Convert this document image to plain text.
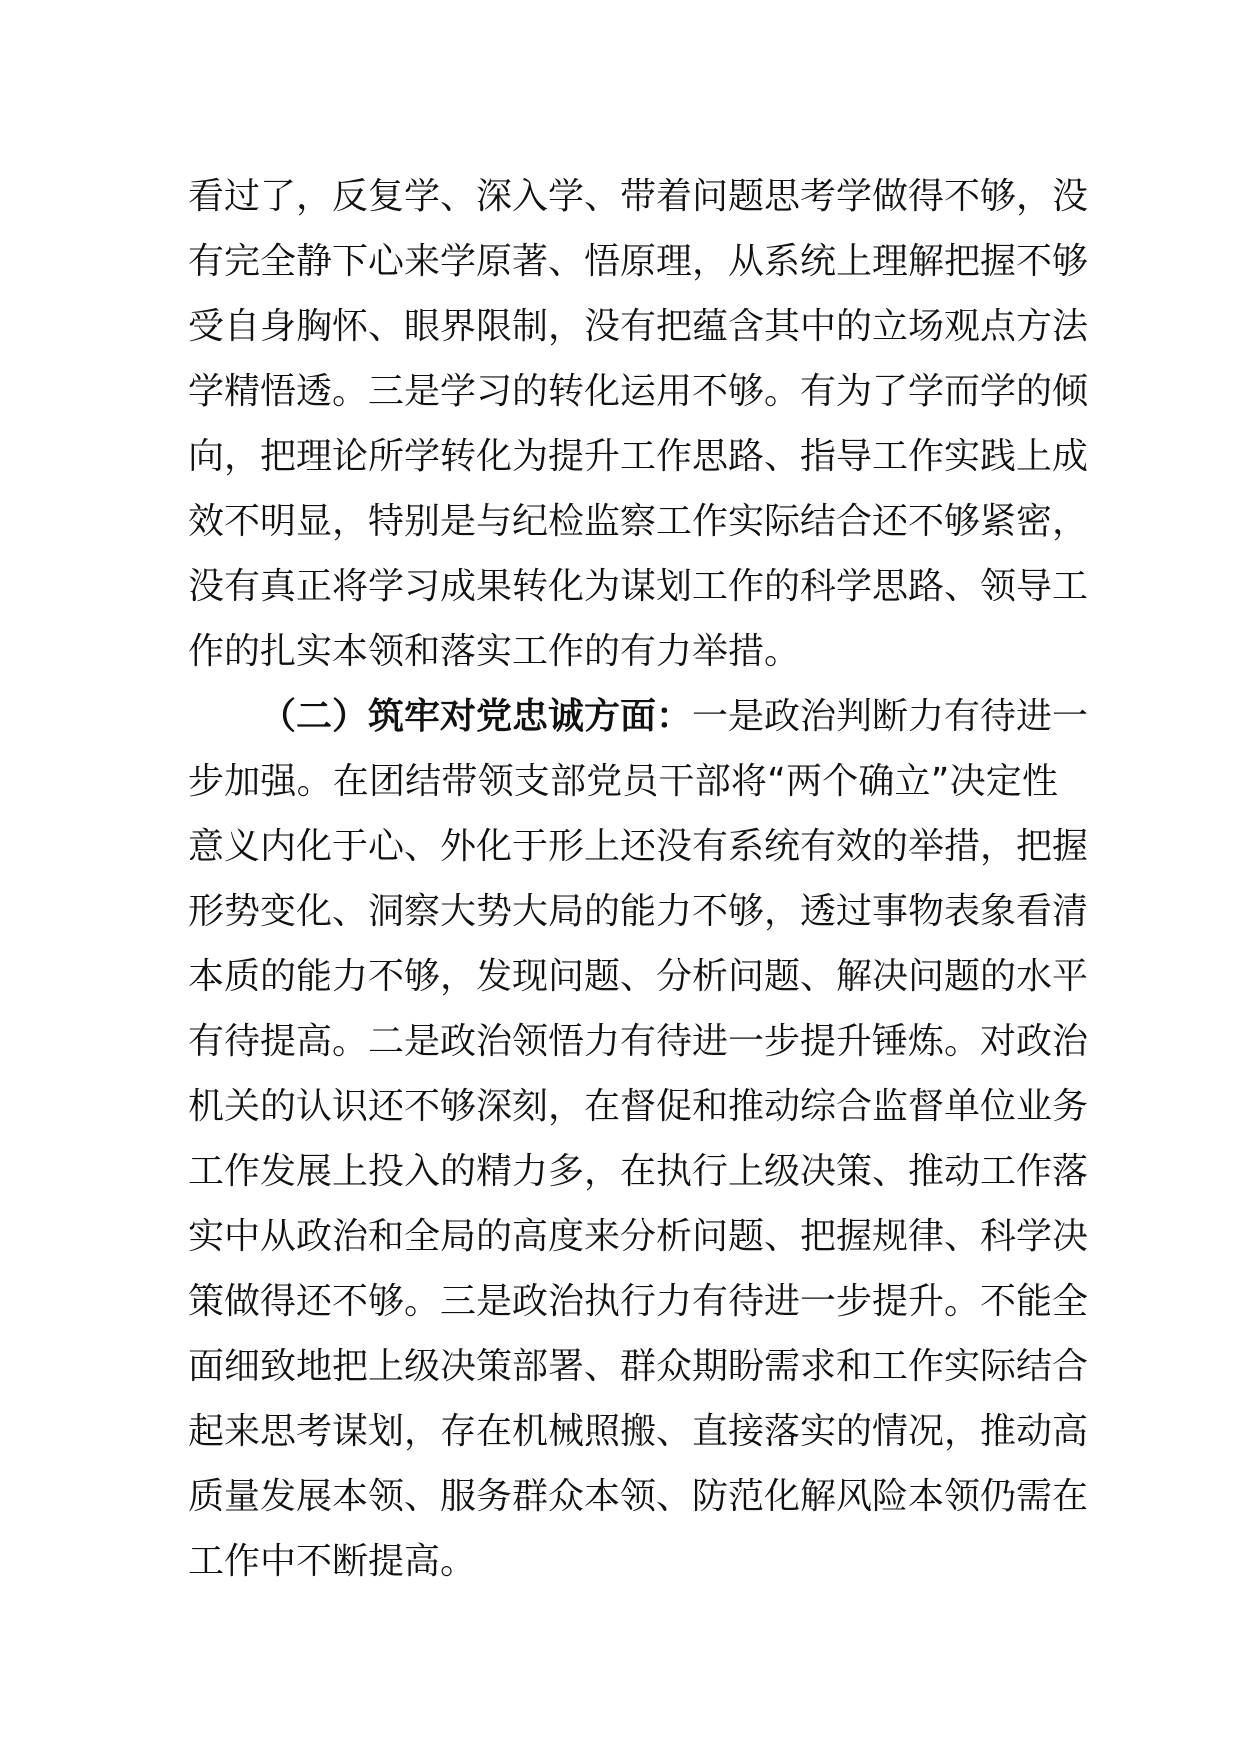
看过了，反复学、深入学、带着问题思考学做得不够，没
有完全静下心来学原著、悟原理，从系统上理解把握不够
受自身胸怀、眼界限制，没有把蕴含其中的立场观点方法
学精悟透。三是学习的转化运用不够。有为了学而学的倾
向，把理论所学转化为提升工作思路、指导工作实践上成
效不明显，特别是与纪检监察工作实际结合还不够紧密，
没有真正将学习成果转化为谋划工作的科学思路、领导工
作的扎实本领和落实工作的有力举措。
（二）筑牢对党忠诚方面：一是政治判断力有待进一
步加强。在团结带领支部党员干部将“两个确立”决定性
意义内化于心、外化于形上还没有系统有效的举措，把握
形势变化、洞察大势大局的能力不够，透过事物表象看清
本质的能力不够，发现问题、分析问题、解决问题的水平
有待提高。二是政治领悟力有待进一步提升锤炼。对政治
机关的认识还不够深刻，在督促和推动综合监督单位业务
工作发展上投入的精力多，在执行上级决策、推动工作落
实中从政治和全局的高度来分析问题、把握规律、科学决
策做得还不够。三是政治执行力有待进一步提升。不能全
面细致地把上级决策部署、群众期盼需求和工作实际结合
起来思考谋划，存在机械照搬、直接落实的情况，推动高
质量发展本领、服务群众本领、防范化解风险本领仍需在
工作中不断提高。
